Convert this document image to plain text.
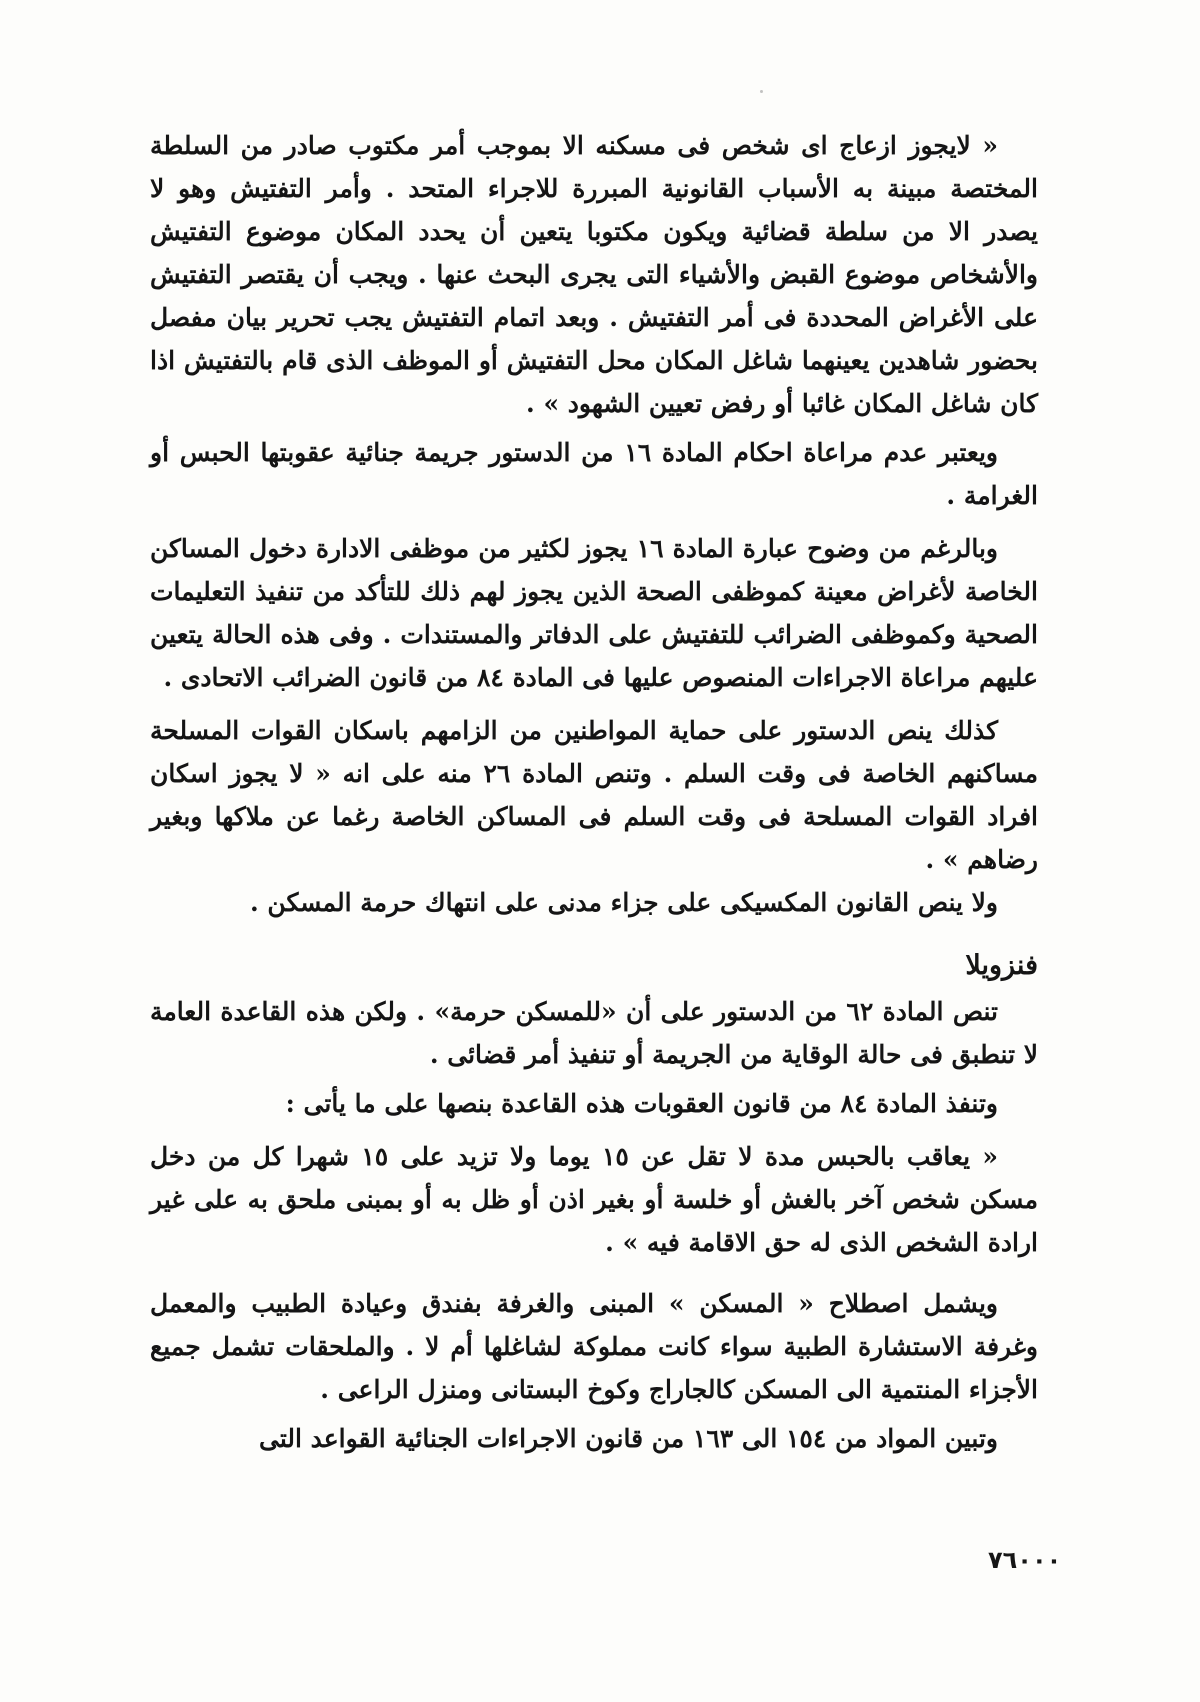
« لايجوز ازعاج اى شخص فى مسكنه الا بموجب أمر مكتوب صادر من السلطة المختصة مبينة به الأسباب القانونية المبررة للاجراء المتحد . وأمر التفتيش وهو لا يصدر الا من سلطة قضائية ويكون مكتوبا يتعين أن يحدد المكان موضوع التفتيش والأشخاص موضوع القبض والأشياء التى يجرى البحث عنها . ويجب أن يقتصر التفتيش على الأغراض المحددة فى أمر التفتيش . وبعد اتمام التفتيش يجب تحرير بيان مفصل بحضور شاهدين يعينهما شاغل المكان محل التفتيش أو الموظف الذى قام بالتفتيش اذا كان شاغل المكان غائبا أو رفض تعيين الشهود » .

ويعتبر عدم مراعاة احكام المادة ١٦ من الدستور جريمة جنائية عقوبتها الحبس أو الغرامة .

وبالرغم من وضوح عبارة المادة ١٦ يجوز لكثير من موظفى الادارة دخول المساكن الخاصة لأغراض معينة كموظفى الصحة الذين يجوز لهم ذلك للتأكد من تنفيذ التعليمات الصحية وكموظفى الضرائب للتفتيش على الدفاتر والمستندات . وفى هذه الحالة يتعين عليهم مراعاة الاجراءات المنصوص عليها فى المادة ٨٤ من قانون الضرائب الاتحادى .

كذلك ينص الدستور على حماية المواطنين من الزامهم باسكان القوات المسلحة مساكنهم الخاصة فى وقت السلم . وتنص المادة ٢٦ منه على انه « لا يجوز اسكان افراد القوات المسلحة فى وقت السلم فى المساكن الخاصة رغما عن ملاكها وبغير رضاهم » .

ولا ينص القانون المكسيكى على جزاء مدنى على انتهاك حرمة المسكن .

فنزويلا

تنص المادة ٦٢ من الدستور على أن «للمسكن حرمة» . ولكن هذه القاعدة العامة لا تنطبق فى حالة الوقاية من الجريمة أو تنفيذ أمر قضائى .

وتنفذ المادة ٨٤ من قانون العقوبات هذه القاعدة بنصها على ما يأتى :

« يعاقب بالحبس مدة لا تقل عن ١٥ يوما ولا تزيد على ١٥ شهرا كل من دخل مسكن شخص آخر بالغش أو خلسة أو بغير اذن أو ظل به أو بمبنى ملحق به على غير ارادة الشخص الذى له حق الاقامة فيه » .

ويشمل اصطلاح « المسكن » المبنى والغرفة بفندق وعيادة الطبيب والمعمل وغرفة الاستشارة الطبية سواء كانت مملوكة لشاغلها أم لا . والملحقات تشمل جميع الأجزاء المنتمية الى المسكن كالجاراج وكوخ البستانى ومنزل الراعى .

وتبين المواد من ١٥٤ الى ١٦٣ من قانون الاجراءات الجنائية القواعد التى

٧٦٠٠٠
